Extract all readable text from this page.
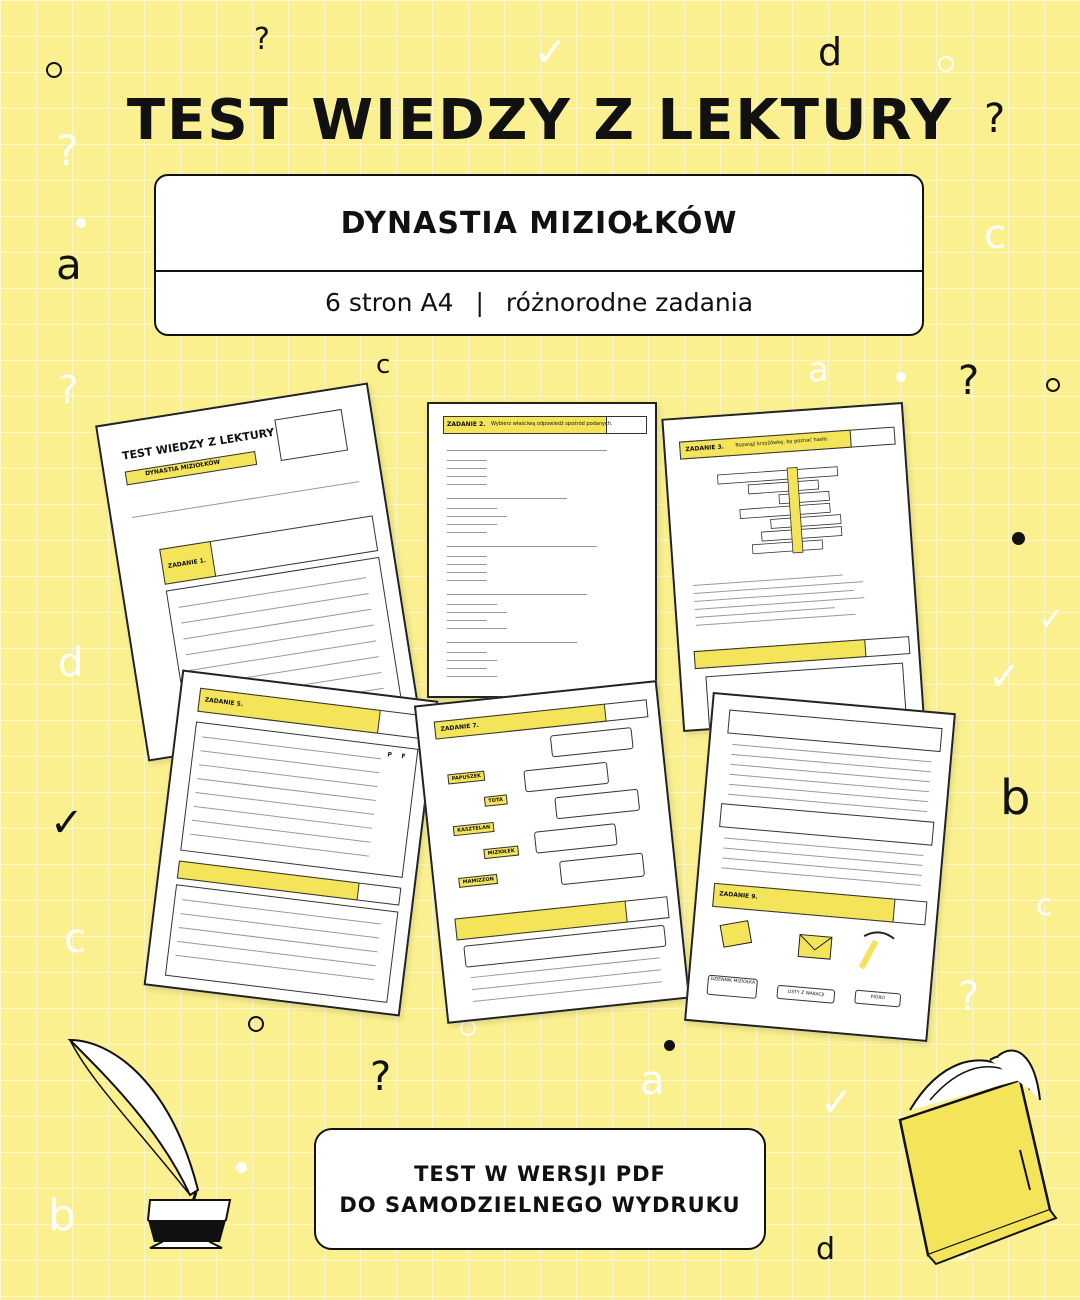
?	✓	d
?
?
c
a
c	a	?
?
d	✓
✓
✓	b
c
c
?	a	✓
b
?
d
TEST WIEDZY Z LEKTURY
DYNASTIA MIZIOŁKÓW
6 stron A4 | różnorodne zadania
TEST WIEDZY Z LEKTURY
DYNASTIA MIZIOŁKÓW
ZADANIE 1.
ZADANIE 2. Wybierz właściwą odpowiedź spośród podanych.
ZADANIE 3. Rozwiąż krzyżówkę, by poznać hasło.
ZADANIE 5.
P F
ZADANIE 7.
PAPUSZEK
TOTA
KASZTELAN
MIZIOŁEK
MAMIZZON
ZADANIE 9.
DZIENNIK MIZIOŁKA
LISTY Z WAKACJI
PIÓRO
TEST W WERSJI PDF
DO SAMODZIELNEGO WYDRUKU
